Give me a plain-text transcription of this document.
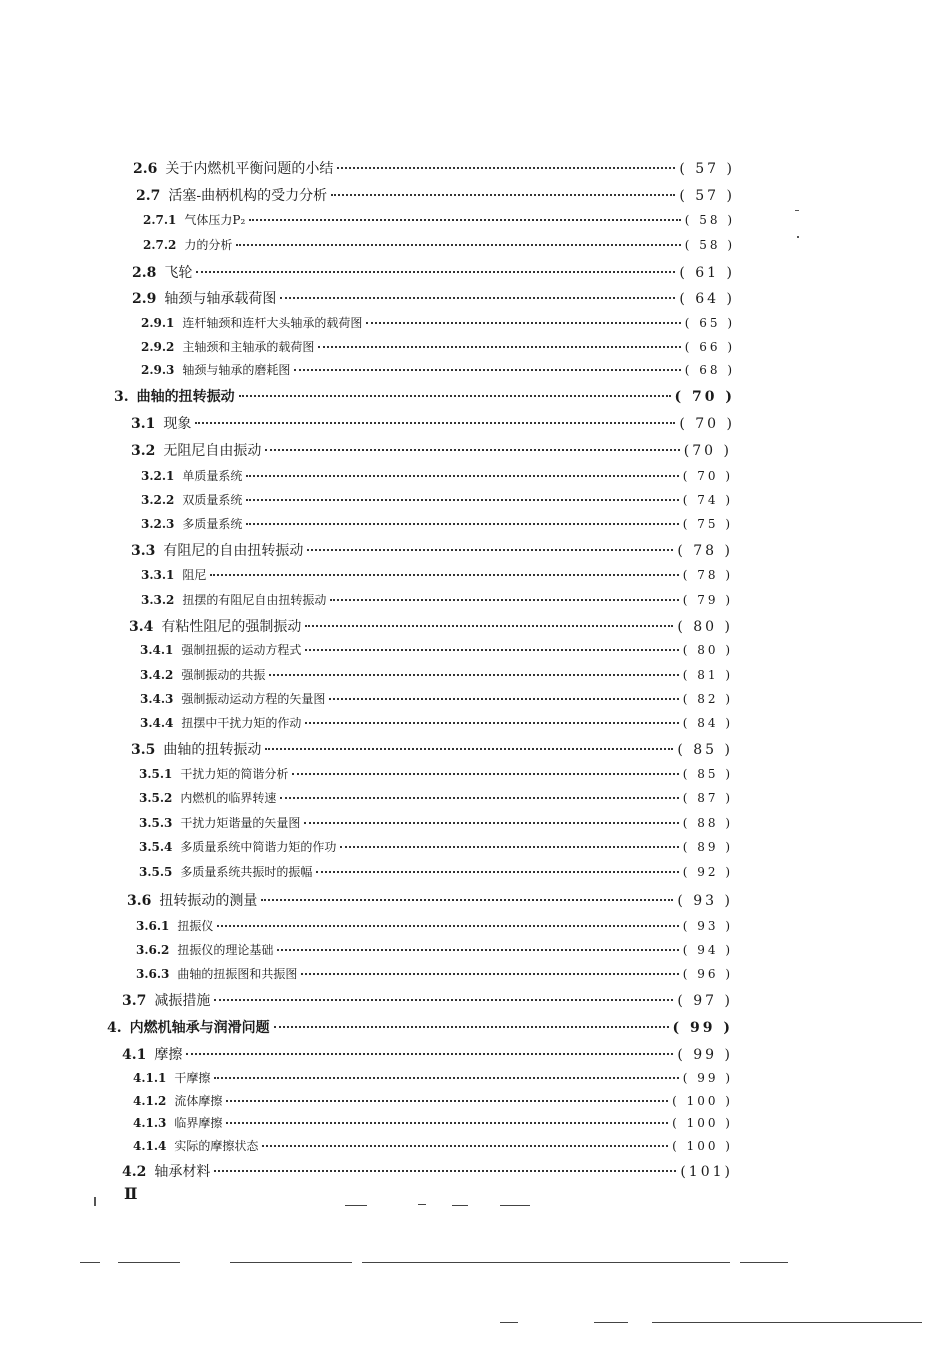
2.6 关于内燃机平衡问题的小结	( 57 )
2.7 活塞-曲柄机构的受力分析	( 57 )
2.7.1 气体压力P₂	( 58 )
2.7.2 力的分析	( 58 )
2.8 飞轮	( 61 )
2.9 轴颈与轴承载荷图	( 64 )
2.9.1 连杆轴颈和连杆大头轴承的载荷图	( 65 )
2.9.2 主轴颈和主轴承的载荷图	( 66 )
2.9.3 轴颈与轴承的磨耗图	( 68 )
3. 曲轴的扭转振动	( 70 )
3.1 现象	( 70 )
3.2 无阻尼自由振动	(70 )
3.2.1 单质量系统	( 70 )
3.2.2 双质量系统	( 74 )
3.2.3 多质量系统	( 75 )
3.3 有阻尼的自由扭转振动	( 78 )
3.3.1 阻尼	( 78 )
3.3.2 扭摆的有阻尼自由扭转振动	( 79 )
3.4 有粘性阻尼的强制振动	( 80 )
3.4.1 强制扭振的运动方程式	( 80 )
3.4.2 强制振动的共振	( 81 )
3.4.3 强制振动运动方程的矢量图	( 82 )
3.4.4 扭摆中干扰力矩的作动	( 84 )
3.5 曲轴的扭转振动	( 85 )
3.5.1 干扰力矩的简谐分析	( 85 )
3.5.2 内燃机的临界转速	( 87 )
3.5.3 干扰力矩谐量的矢量图	( 88 )
3.5.4 多质量系统中简谐力矩的作功	( 89 )
3.5.5 多质量系统共振时的振幅	( 92 )
3.6 扭转振动的测量	( 93 )
3.6.1 扭振仪	( 93 )
3.6.2 扭振仪的理论基础	( 94 )
3.6.3 曲轴的扭振图和共振图	( 96 )
3.7 减振措施	( 97 )
4. 内燃机轴承与润滑问题	( 99 )
4.1 摩擦	( 99 )
4.1.1 干摩擦	( 99 )
4.1.2 流体摩擦	( 100 )
4.1.3 临界摩擦	( 100 )
4.1.4 实际的摩擦状态	( 100 )
4.2 轴承材料	(101)
Ⅱ
